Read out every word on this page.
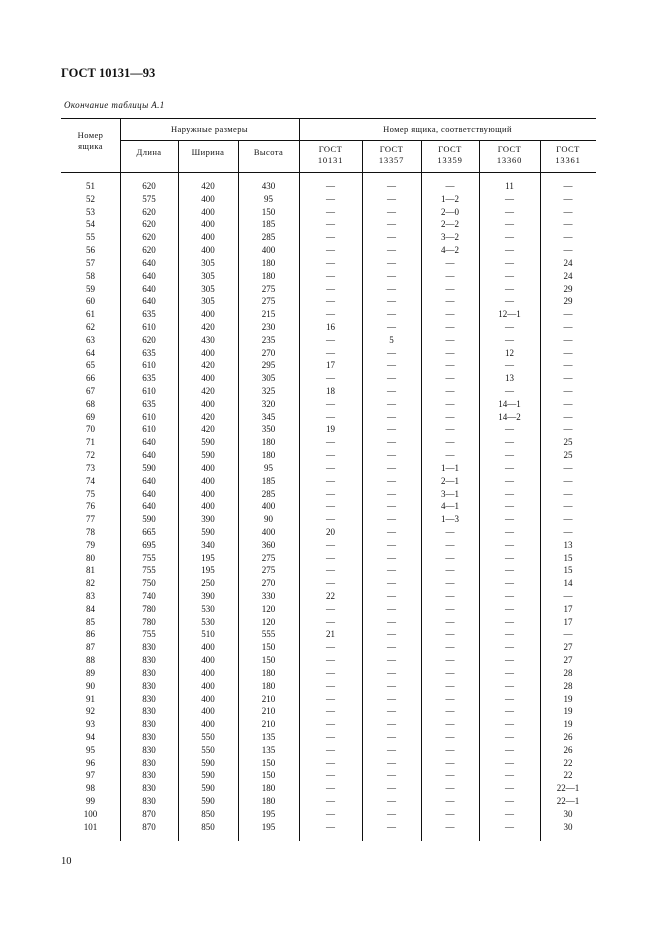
ГОСТ 10131—93
Окончание таблицы А.1
Номер
ящика
Наружные размеры
Длина	Ширина	Высота
Номер ящика, соответствующий
ГОСТ
10131
ГОСТ
13357
ГОСТ
13359
ГОСТ
13360
ГОСТ
13361
51	620	420	430	—	—	—	11	—
52	575	400	95	—	—	1—2	—	—
53	620	400	150	—	—	2—0	—	—
54	620	400	185	—	—	2—2	—	—
55	620	400	285	—	—	3—2	—	—
56	620	400	400	—	—	4—2	—	—
57	640	305	180	—	—	—	—	24
58	640	305	180	—	—	—	—	24
59	640	305	275	—	—	—	—	29
60	640	305	275	—	—	—	—	29
61	635	400	215	—	—	—	12—1	—
62	610	420	230	16	—	—	—	—
63	620	430	235	—	5	—	—	—
64	635	400	270	—	—	—	12	—
65	610	420	295	17	—	—	—	—
66	635	400	305	—	—	—	13	—
67	610	420	325	18	—	—	—	—
68	635	400	320	—	—	—	14—1	—
69	610	420	345	—	—	—	14—2	—
70	610	420	350	19	—	—	—	—
71	640	590	180	—	—	—	—	25
72	640	590	180	—	—	—	—	25
73	590	400	95	—	—	1—1	—	—
74	640	400	185	—	—	2—1	—	—
75	640	400	285	—	—	3—1	—	—
76	640	400	400	—	—	4—1	—	—
77	590	390	90	—	—	1—3	—	—
78	665	590	400	20	—	—	—	—
79	695	340	360	—	—	—	—	13
80	755	195	275	—	—	—	—	15
81	755	195	275	—	—	—	—	15
82	750	250	270	—	—	—	—	14
83	740	390	330	22	—	—	—	—
84	780	530	120	—	—	—	—	17
85	780	530	120	—	—	—	—	17
86	755	510	555	21	—	—	—	—
87	830	400	150	—	—	—	—	27
88	830	400	150	—	—	—	—	27
89	830	400	180	—	—	—	—	28
90	830	400	180	—	—	—	—	28
91	830	400	210	—	—	—	—	19
92	830	400	210	—	—	—	—	19
93	830	400	210	—	—	—	—	19
94	830	550	135	—	—	—	—	26
95	830	550	135	—	—	—	—	26
96	830	590	150	—	—	—	—	22
97	830	590	150	—	—	—	—	22
98	830	590	180	—	—	—	—	22—1
99	830	590	180	—	—	—	—	22—1
100	870	850	195	—	—	—	—	30
101	870	850	195	—	—	—	—	30
10
